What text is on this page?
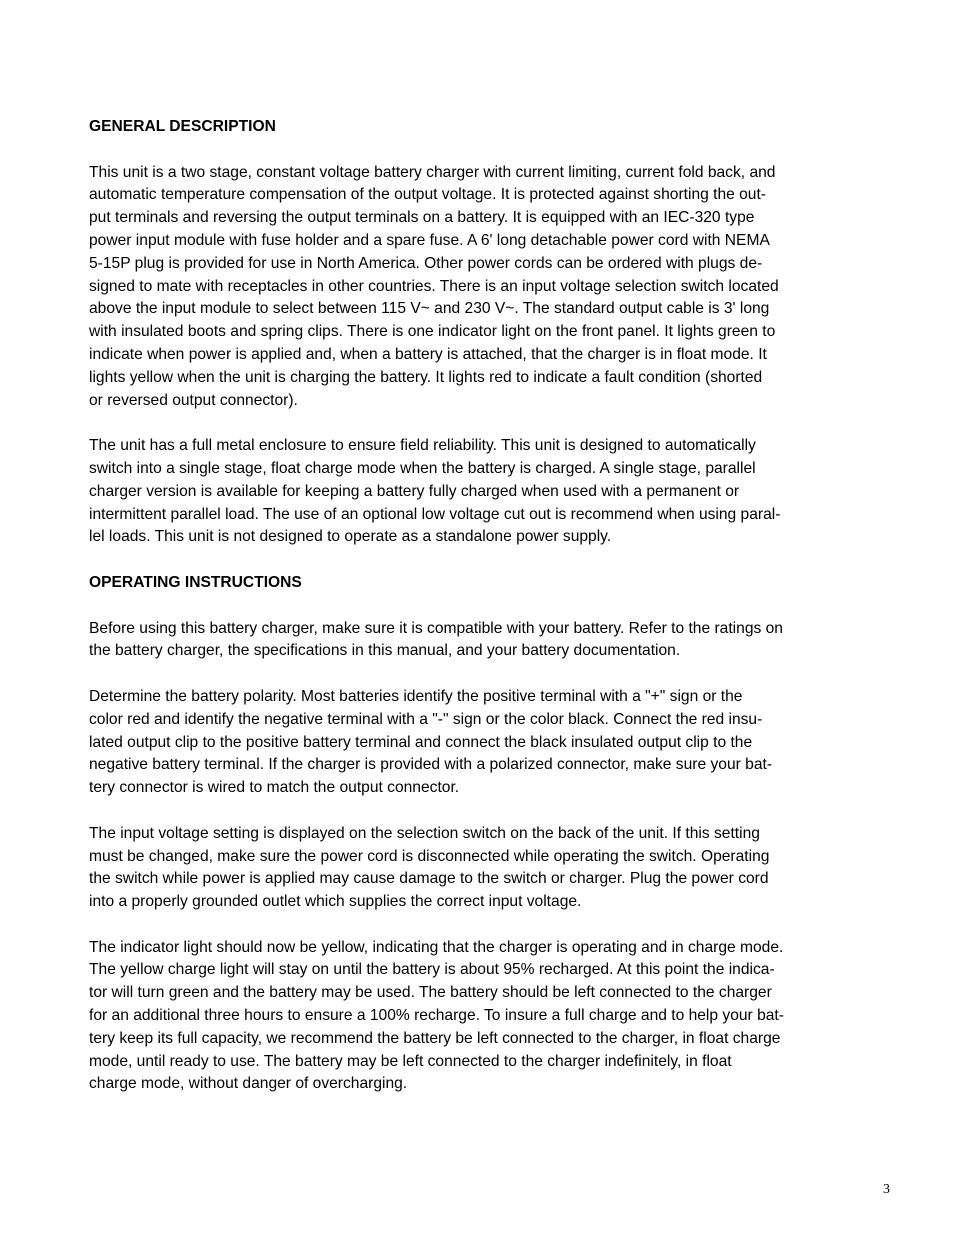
GENERAL DESCRIPTION
This unit is a two stage, constant voltage battery charger with current limiting, current fold back, and
automatic temperature compensation of the output voltage. It is protected against shorting the out-
put terminals and reversing the output terminals on a battery. It is equipped with an IEC-320 type
power input module with fuse holder and a spare fuse. A 6' long detachable power cord with NEMA
5-15P plug is provided for use in North America. Other power cords can be ordered with plugs de-
signed to mate with receptacles in other countries. There is an input voltage selection switch located
above the input module to select between 115 V~ and 230 V~. The standard output cable is 3' long
with insulated boots and spring clips. There is one indicator light on the front panel. It lights green to
indicate when power is applied and, when a battery is attached, that the charger is in float mode. It
lights yellow when the unit is charging the battery. It lights red to indicate a fault condition (shorted
or reversed output connector).
The unit has a full metal enclosure to ensure field reliability. This unit is designed to automatically
switch into a single stage, float charge mode when the battery is charged. A single stage, parallel
charger version is available for keeping a battery fully charged when used with a permanent or
intermittent parallel load. The use of an optional low voltage cut out is recommend when using paral-
lel loads. This unit is not designed to operate as a standalone power supply.
OPERATING INSTRUCTIONS
Before using this battery charger, make sure it is compatible with your battery. Refer to the ratings on
the battery charger, the specifications in this manual, and your battery documentation.
Determine the battery polarity. Most batteries identify the positive terminal with a "+" sign or the
color red and identify the negative terminal with a "-" sign or the color black. Connect the red insu-
lated output clip to the positive battery terminal and connect the black insulated output clip to the
negative battery terminal. If the charger is provided with a polarized connector, make sure your bat-
tery connector is wired to match the output connector.
The input voltage setting is displayed on the selection switch on the back of the unit. If this setting
must be changed, make sure the power cord is disconnected while operating the switch. Operating
the switch while power is applied may cause damage to the switch or charger. Plug the power cord
into a properly grounded outlet which supplies the correct input voltage.
The indicator light should now be yellow, indicating that the charger is operating and in charge mode.
The yellow charge light will stay on until the battery is about 95% recharged. At this point the indica-
tor will turn green and the battery may be used. The battery should be left connected to the charger
for an additional three hours to ensure a 100% recharge. To insure a full charge and to help your bat-
tery keep its full capacity, we recommend the battery be left connected to the charger, in float charge
mode, until ready to use. The battery may be left connected to the charger indefinitely, in float
charge mode, without danger of overcharging.
3
